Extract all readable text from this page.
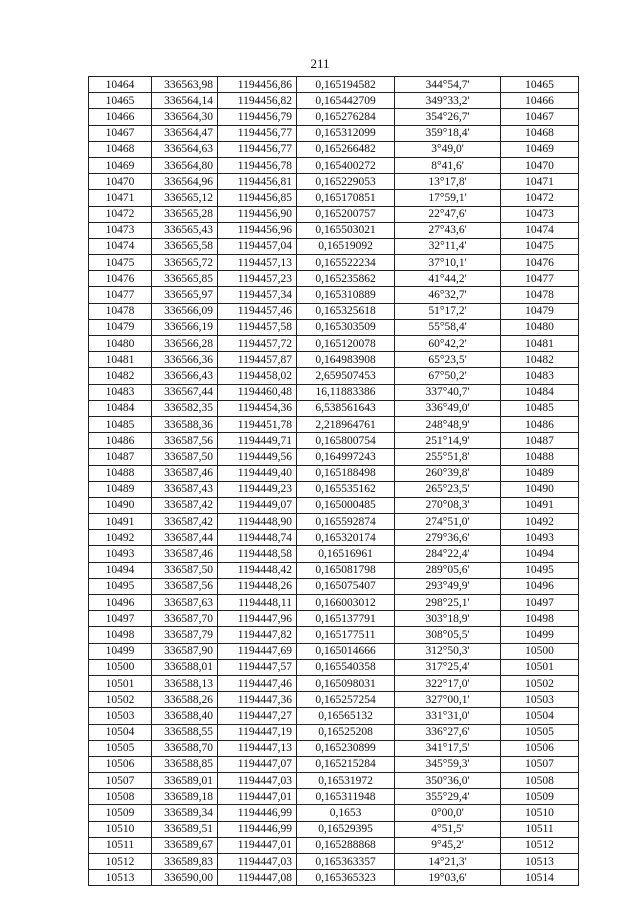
211
10464	336563,98	1194456,86	0,165194582	344°54,7'	10465
10465	336564,14	1194456,82	0,165442709	349°33,2'	10466
10466	336564,30	1194456,79	0,165276284	354°26,7'	10467
10467	336564,47	1194456,77	0,165312099	359°18,4'	10468
10468	336564,63	1194456,77	0,165266482	3°49,0'	10469
10469	336564,80	1194456,78	0,165400272	8°41,6'	10470
10470	336564,96	1194456,81	0,165229053	13°17,8'	10471
10471	336565,12	1194456,85	0,165170851	17°59,1'	10472
10472	336565,28	1194456,90	0,165200757	22°47,6'	10473
10473	336565,43	1194456,96	0,165503021	27°43,6'	10474
10474	336565,58	1194457,04	0,16519092	32°11,4'	10475
10475	336565,72	1194457,13	0,165522234	37°10,1'	10476
10476	336565,85	1194457,23	0,165235862	41°44,2'	10477
10477	336565,97	1194457,34	0,165310889	46°32,7'	10478
10478	336566,09	1194457,46	0,165325618	51°17,2'	10479
10479	336566,19	1194457,58	0,165303509	55°58,4'	10480
10480	336566,28	1194457,72	0,165120078	60°42,2'	10481
10481	336566,36	1194457,87	0,164983908	65°23,5'	10482
10482	336566,43	1194458,02	2,659507453	67°50,2'	10483
10483	336567,44	1194460,48	16,11883386	337°40,7'	10484
10484	336582,35	1194454,36	6,538561643	336°49,0'	10485
10485	336588,36	1194451,78	2,218964761	248°48,9'	10486
10486	336587,56	1194449,71	0,165800754	251°14,9'	10487
10487	336587,50	1194449,56	0,164997243	255°51,8'	10488
10488	336587,46	1194449,40	0,165188498	260°39,8'	10489
10489	336587,43	1194449,23	0,165535162	265°23,5'	10490
10490	336587,42	1194449,07	0,165000485	270°08,3'	10491
10491	336587,42	1194448,90	0,165592874	274°51,0'	10492
10492	336587,44	1194448,74	0,165320174	279°36,6'	10493
10493	336587,46	1194448,58	0,16516961	284°22,4'	10494
10494	336587,50	1194448,42	0,165081798	289°05,6'	10495
10495	336587,56	1194448,26	0,165075407	293°49,9'	10496
10496	336587,63	1194448,11	0,166003012	298°25,1'	10497
10497	336587,70	1194447,96	0,165137791	303°18,9'	10498
10498	336587,79	1194447,82	0,165177511	308°05,5'	10499
10499	336587,90	1194447,69	0,165014666	312°50,3'	10500
10500	336588,01	1194447,57	0,165540358	317°25,4'	10501
10501	336588,13	1194447,46	0,165098031	322°17,0'	10502
10502	336588,26	1194447,36	0,165257254	327°00,1'	10503
10503	336588,40	1194447,27	0,16565132	331°31,0'	10504
10504	336588,55	1194447,19	0,16525208	336°27,6'	10505
10505	336588,70	1194447,13	0,165230899	341°17,5'	10506
10506	336588,85	1194447,07	0,165215284	345°59,3'	10507
10507	336589,01	1194447,03	0,16531972	350°36,0'	10508
10508	336589,18	1194447,01	0,165311948	355°29,4'	10509
10509	336589,34	1194446,99	0,1653	0°00,0'	10510
10510	336589,51	1194446,99	0,16529395	4°51,5'	10511
10511	336589,67	1194447,01	0,165288868	9°45,2'	10512
10512	336589,83	1194447,03	0,165363357	14°21,3'	10513
10513	336590,00	1194447,08	0,165365323	19°03,6'	10514
